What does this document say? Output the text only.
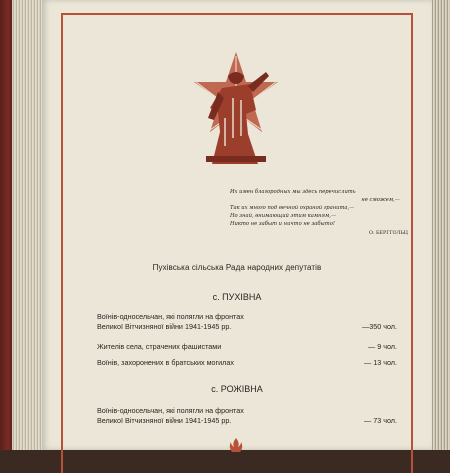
Их имен благородных мы здесь перечислить
не сможем,—
Так их много под вечной охраной гранита,—
Но знай, внимающий этим камням,—
Никто не забыт и ничто не забыто!
О. БЕРГГОЛЬЦ
Пухівська сільська Рада народних депутатів
с. ПУХІВНА
Воїнів-односельчан, які полягли на фронтах
Великої Вітчизняної війни 1941-1945 рр.	—350 чол.
Жителів села, страчених фашистами	— 9 чол.
Воїнів, захоронених в братських могилах	— 13 чол.
с. РОЖІВНА
Воїнів-односельчан, які полягли на фронтах
Великої Вітчизняної війни 1941-1945 рр.	— 73 чол.
